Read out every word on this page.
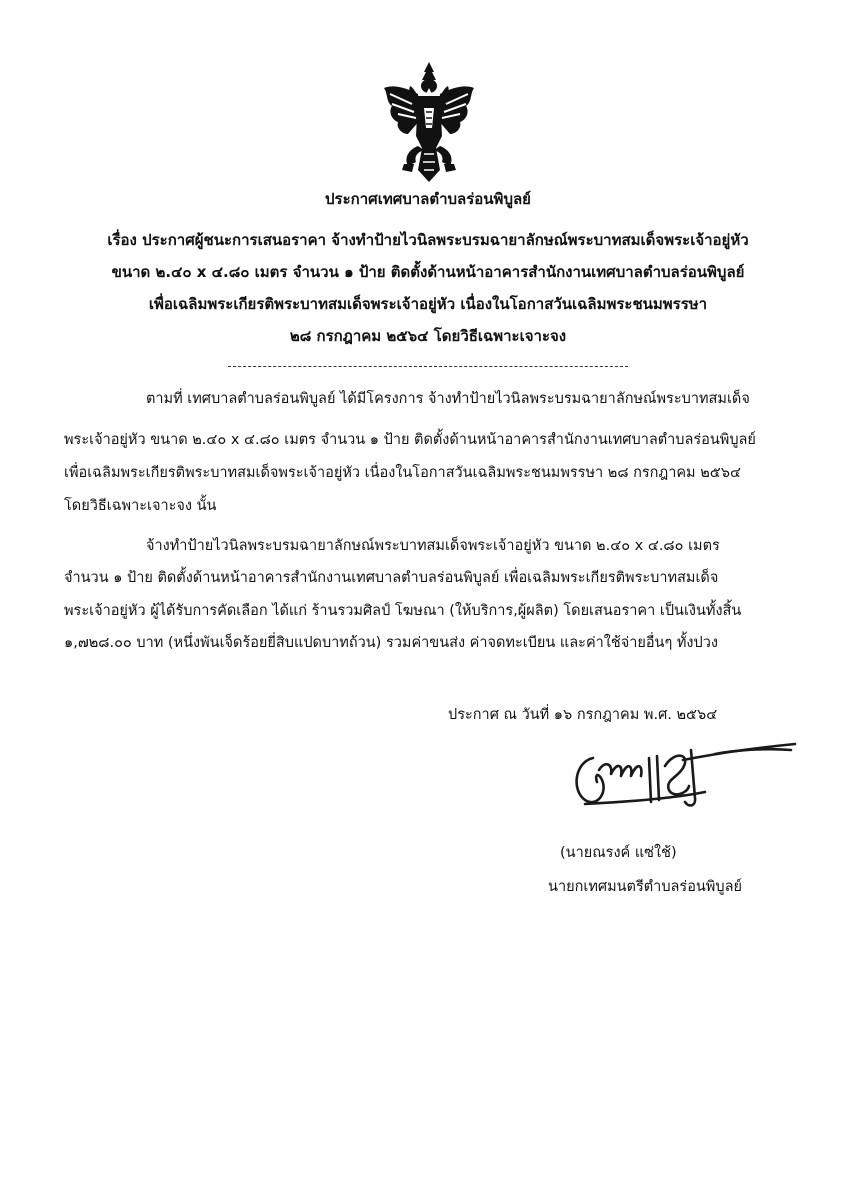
ประกาศเทศบาลตำบลร่อนพิบูลย์
เรื่อง ประกาศผู้ชนะการเสนอราคา จ้างทำป้ายไวนิลพระบรมฉายาลักษณ์พระบาทสมเด็จพระเจ้าอยู่หัว
ขนาด ๒.๔๐ x ๔.๘๐ เมตร จำนวน ๑ ป้าย ติดตั้งด้านหน้าอาคารสำนักงานเทศบาลตำบลร่อนพิบูลย์
เพื่อเฉลิมพระเกียรติพระบาทสมเด็จพระเจ้าอยู่หัว เนื่องในโอกาสวันเฉลิมพระชนมพรรษา
๒๘ กรกฎาคม ๒๕๖๔ โดยวิธีเฉพาะเจาะจง
ตามที่ เทศบาลตำบลร่อนพิบูลย์ ได้มีโครงการ จ้างทำป้ายไวนิลพระบรมฉายาลักษณ์พระบาทสมเด็จ
พระเจ้าอยู่หัว ขนาด ๒.๔๐ x ๔.๘๐ เมตร จำนวน ๑ ป้าย ติดตั้งด้านหน้าอาคารสำนักงานเทศบาลตำบลร่อนพิบูลย์
เพื่อเฉลิมพระเกียรติพระบาทสมเด็จพระเจ้าอยู่หัว เนื่องในโอกาสวันเฉลิมพระชนมพรรษา ๒๘ กรกฎาคม ๒๕๖๔
โดยวิธีเฉพาะเจาะจง นั้น
จ้างทำป้ายไวนิลพระบรมฉายาลักษณ์พระบาทสมเด็จพระเจ้าอยู่หัว ขนาด ๒.๔๐ x ๔.๘๐ เมตร
จำนวน ๑ ป้าย ติดตั้งด้านหน้าอาคารสำนักงานเทศบาลตำบลร่อนพิบูลย์ เพื่อเฉลิมพระเกียรติพระบาทสมเด็จ
พระเจ้าอยู่หัว ผู้ได้รับการคัดเลือก ได้แก่ ร้านรวมศิลป์ โฆษณา (ให้บริการ,ผู้ผลิต) โดยเสนอราคา เป็นเงินทั้งสิ้น
๑,๗๒๘.๐๐ บาท (หนึ่งพันเจ็ดร้อยยี่สิบแปดบาทถ้วน) รวมค่าขนส่ง ค่าจดทะเบียน และค่าใช้จ่ายอื่นๆ ทั้งปวง
ประกาศ ณ วันที่ ๑๖ กรกฎาคม พ.ศ. ๒๕๖๔
(นายณรงค์ แซ่ใช้)
นายกเทศมนตรีตำบลร่อนพิบูลย์
